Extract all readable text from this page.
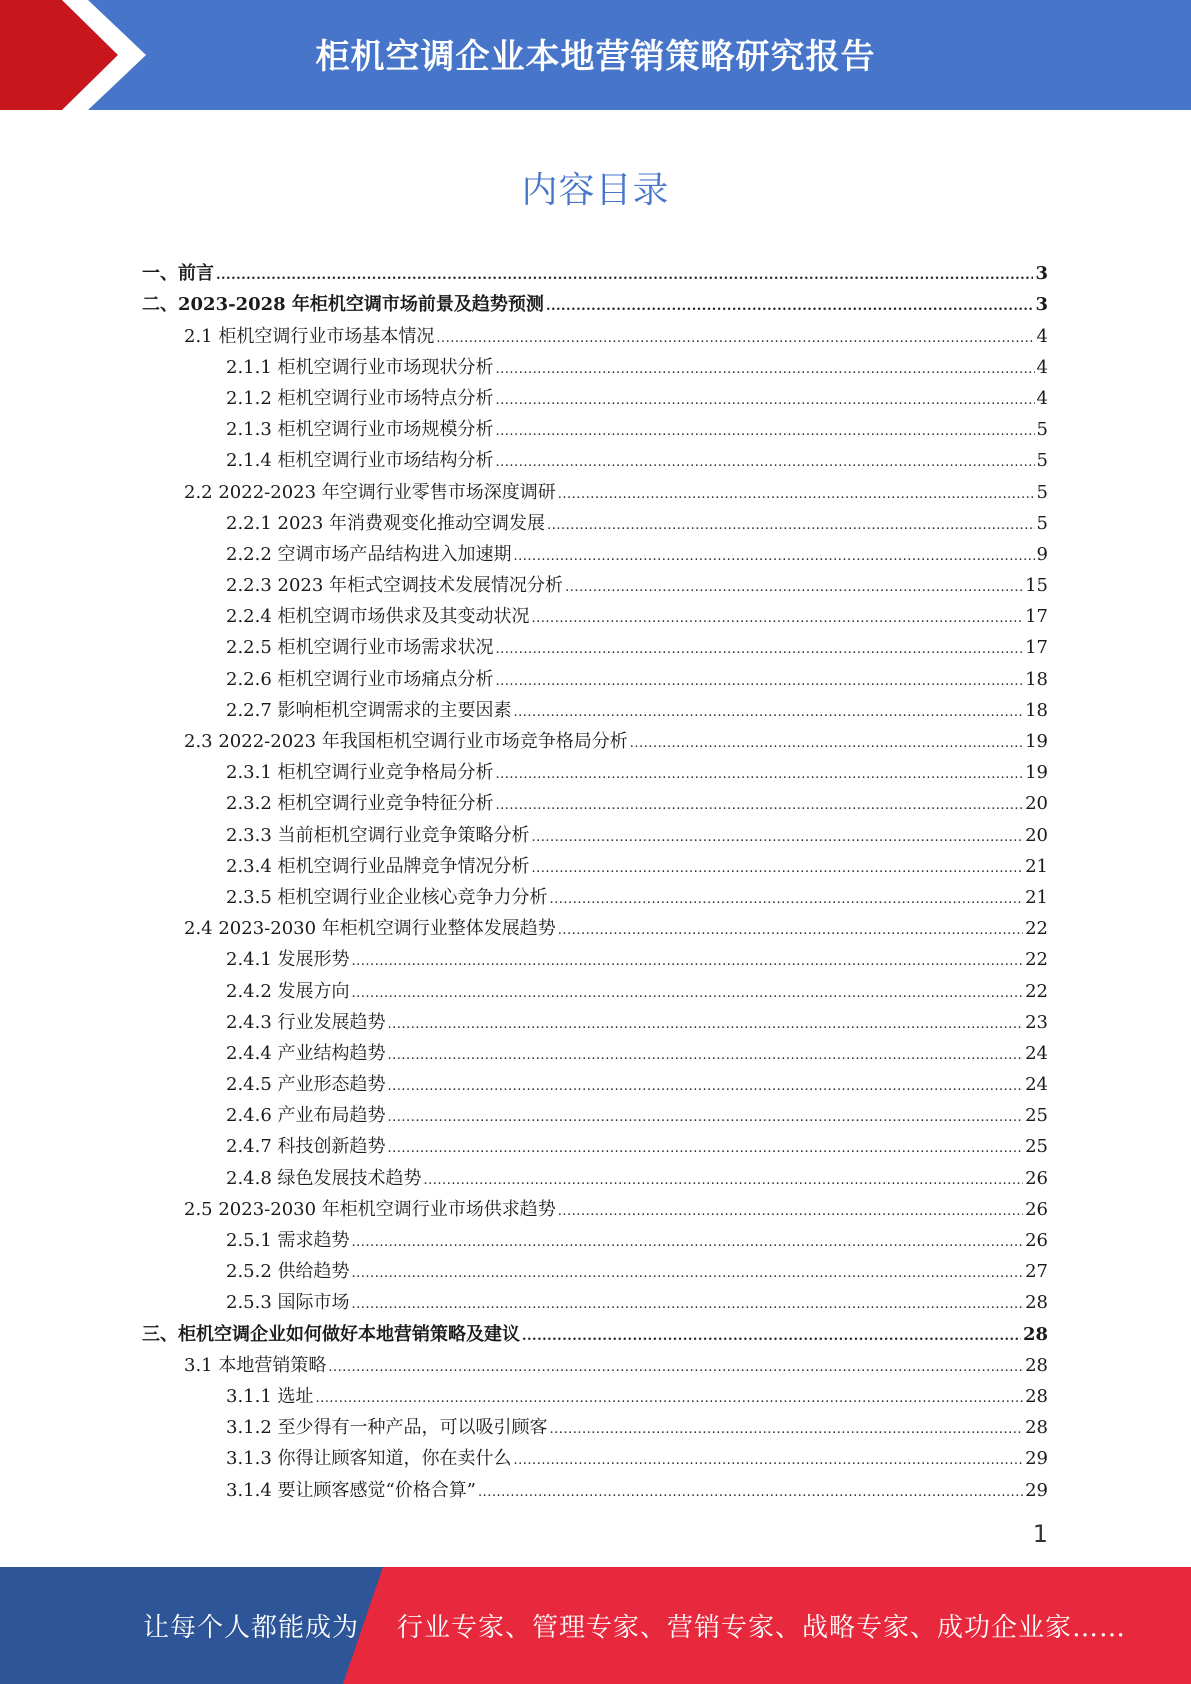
柜机空调企业本地营销策略研究报告
内容目录
一、前言 .....	3
二、2023-2028 年柜机空调市场前景及趋势预测 .....	3
2.1 柜机空调行业市场基本情况 .....	4
2.1.1 柜机空调行业市场现状分析 .....	4
2.1.2 柜机空调行业市场特点分析 .....	4
2.1.3 柜机空调行业市场规模分析 .....	5
2.1.4 柜机空调行业市场结构分析 .....	5
2.2 2022-2023 年空调行业零售市场深度调研 .....	5
2.2.1 2023 年消费观变化推动空调发展 .....	5
2.2.2 空调市场产品结构进入加速期 .....	9
2.2.3 2023 年柜式空调技术发展情况分析 .....	15
2.2.4 柜机空调市场供求及其变动状况 .....	17
2.2.5 柜机空调行业市场需求状况 .....	17
2.2.6 柜机空调行业市场痛点分析 .....	18
2.2.7 影响柜机空调需求的主要因素 .....	18
2.3 2022-2023 年我国柜机空调行业市场竞争格局分析 .....	19
2.3.1 柜机空调行业竞争格局分析 .....	19
2.3.2 柜机空调行业竞争特征分析 .....	20
2.3.3 当前柜机空调行业竞争策略分析 .....	20
2.3.4 柜机空调行业品牌竞争情况分析 .....	21
2.3.5 柜机空调行业企业核心竞争力分析 .....	21
2.4 2023-2030 年柜机空调行业整体发展趋势 .....	22
2.4.1 发展形势 .....	22
2.4.2 发展方向 .....	22
2.4.3 行业发展趋势 .....	23
2.4.4 产业结构趋势 .....	24
2.4.5 产业形态趋势 .....	24
2.4.6 产业布局趋势 .....	25
2.4.7 科技创新趋势 .....	25
2.4.8 绿色发展技术趋势 .....	26
2.5 2023-2030 年柜机空调行业市场供求趋势 .....	26
2.5.1 需求趋势 .....	26
2.5.2 供给趋势 .....	27
2.5.3 国际市场 .....	28
三、柜机空调企业如何做好本地营销策略及建议 .....	28
3.1 本地营销策略 .....	28
3.1.1 选址 .....	28
3.1.2 至少得有一种产品，可以吸引顾客 .....	28
3.1.3 你得让顾客知道，你在卖什么 .....	29
3.1.4 要让顾客感觉“价格合算” .....	29
1
让每个人都能成为 行业专家、管理专家、营销专家、战略专家、成功企业家……
